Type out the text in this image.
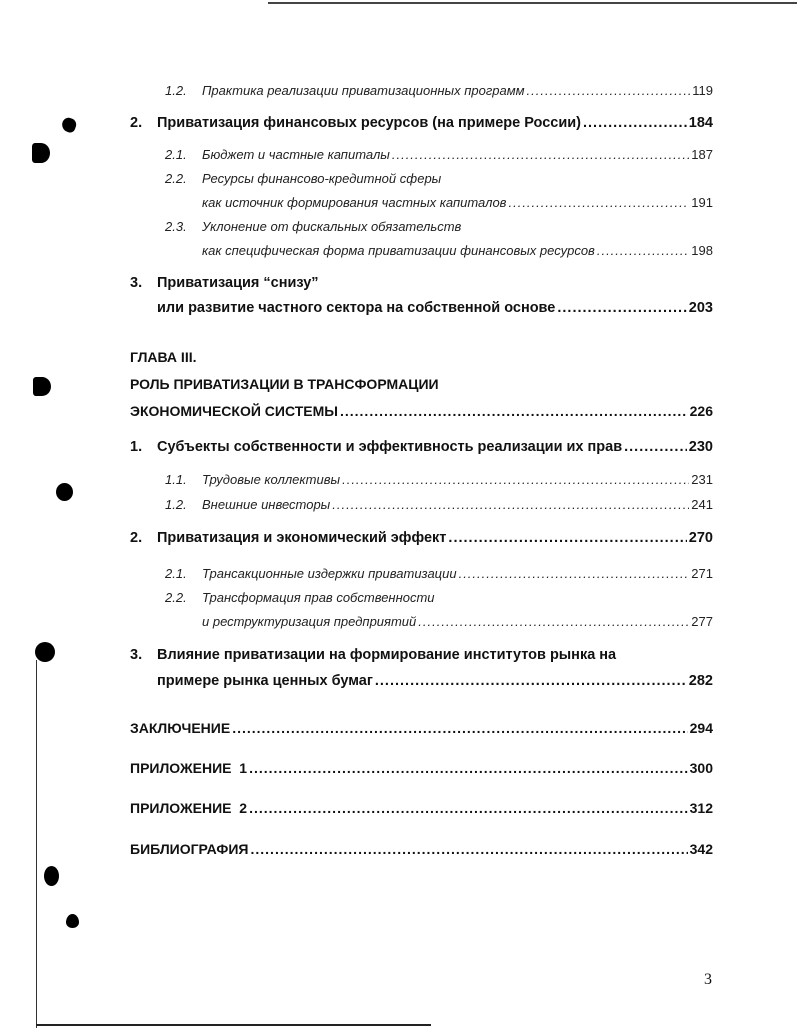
1.2. Практика реализации приватизационных программ .....	119
2. Приватизация финансовых ресурсов (на примере России) .....	184
2.1. Бюджет и частные капиталы .....	187
2.2. Ресурсы финансово-кредитной сферы
как источник формирования частных капиталов .....	191
2.3. Уклонение от фискальных обязательств
как специфическая форма приватизации финансовых ресурсов .....	198
3. Приватизация “снизу”
или развитие частного сектора на собственной основе .....	203
ГЛАВА III.
РОЛЬ ПРИВАТИЗАЦИИ В ТРАНСФОРМАЦИИ
ЭКОНОМИЧЕСКОЙ СИСТЕМЫ .....	226
1. Субъекты собственности и эффективность реализации их прав .....	230
1.1. Трудовые коллективы .....	231
1.2. Внешние инвесторы .....	241
2. Приватизация и экономический эффект .....	270
2.1. Трансакционные издержки приватизации .....	271
2.2. Трансформация прав собственности
и реструктуризация предприятий .....	277
3. Влияние приватизации на формирование институтов рынка на
примере рынка ценных бумаг .....	282
ЗАКЛЮЧЕНИЕ .....	294
ПРИЛОЖЕНИЕ  1 .....	300
ПРИЛОЖЕНИЕ  2 .....	312
БИБЛИОГРАФИЯ .....	342
3
